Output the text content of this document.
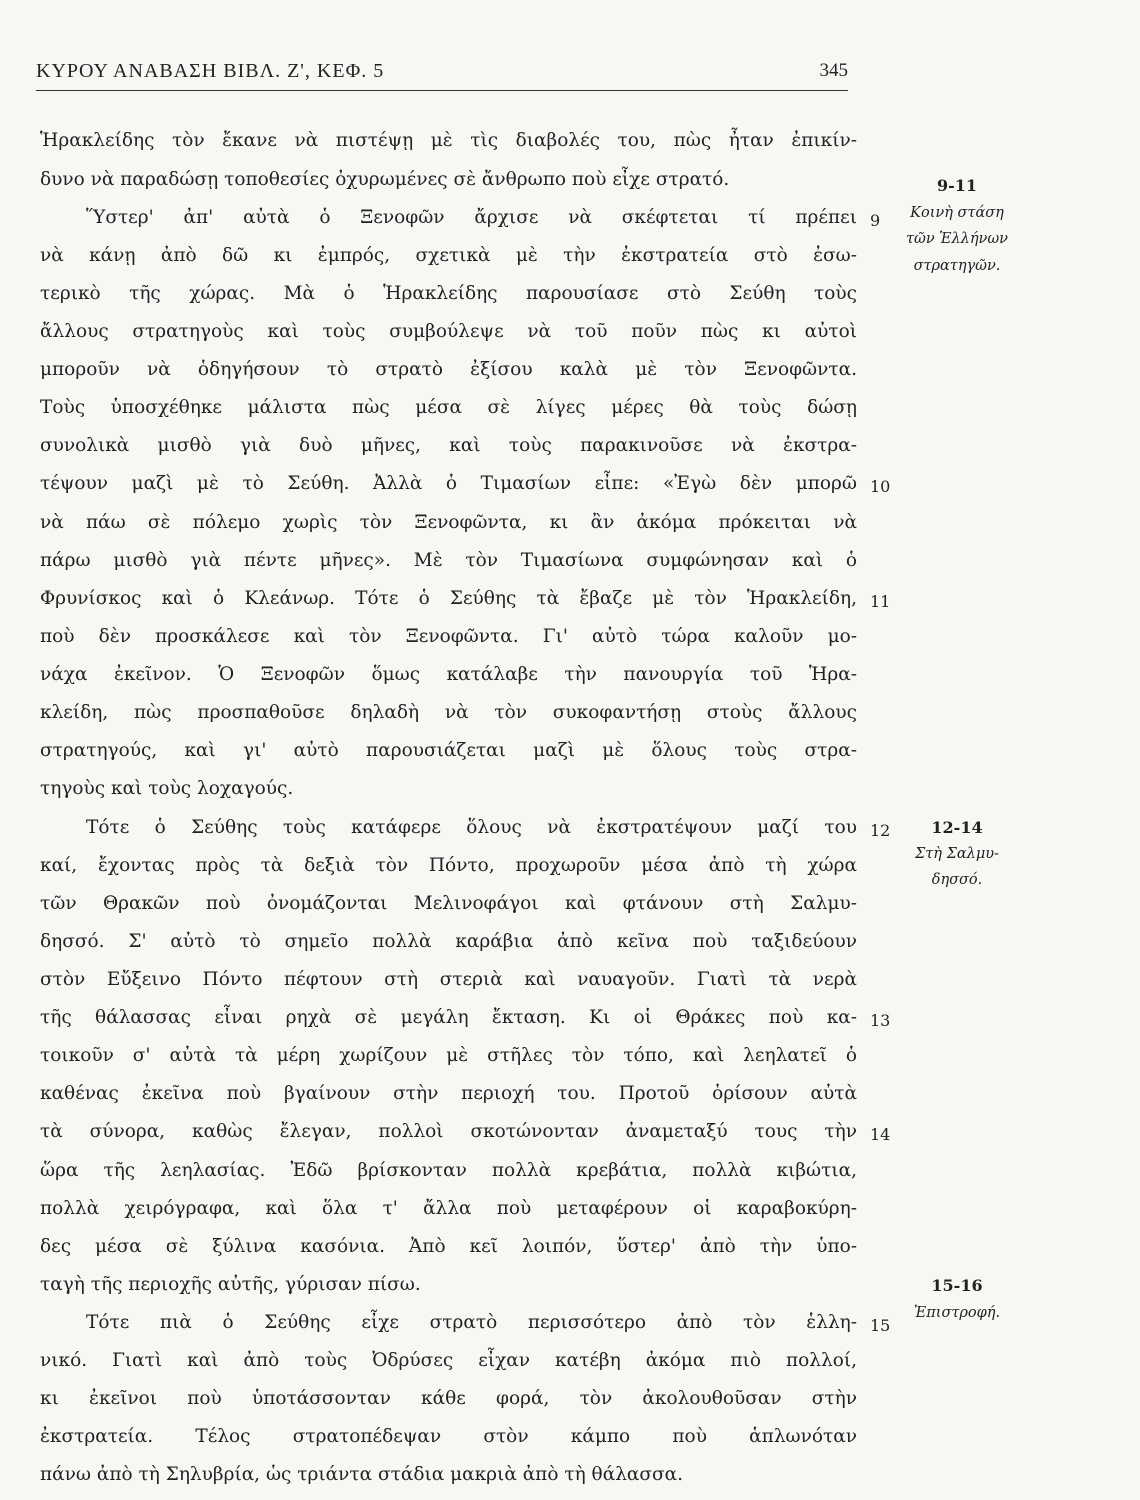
ΚΥΡΟΥ ΑΝΑΒΑΣΗ ΒΙΒΛ. Ζ', ΚΕΦ. 5	345
Ἡρακλείδης τὸν ἔκανε νὰ πιστέψῃ μὲ τὶς διαβολές του, πὼς ἦταν ἐπικίν-
δυνο νὰ παραδώσῃ τοποθεσίες ὀχυρωμένες σὲ ἄνθρωπο ποὺ εἶχε στρατό.
Ὕστερ' ἀπ' αὐτὰ ὁ Ξενοφῶν ἄρχισε νὰ σκέφτεται τί πρέπει
νὰ κάνῃ ἀπὸ δῶ κι ἐμπρός, σχετικὰ μὲ τὴν ἐκστρατεία στὸ ἐσω-
τερικὸ τῆς χώρας. Μὰ ὁ Ἡρακλείδης παρουσίασε στὸ Σεύθη τοὺς
ἄλλους στρατηγοὺς καὶ τοὺς συμβούλεψε νὰ τοῦ ποῦν πὼς κι αὐτοὶ
μποροῦν νὰ ὁδηγήσουν τὸ στρατὸ ἐξίσου καλὰ μὲ τὸν Ξενοφῶντα.
Τοὺς ὑποσχέθηκε μάλιστα πὼς μέσα σὲ λίγες μέρες θὰ τοὺς δώσῃ
συνολικὰ μισθὸ γιὰ δυὸ μῆνες, καὶ τοὺς παρακινοῦσε νὰ ἐκστρα-
τέψουν μαζὶ μὲ τὸ Σεύθη. Ἀλλὰ ὁ Τιμασίων εἶπε: «Ἐγὼ δὲν μπορῶ
νὰ πάω σὲ πόλεμο χωρὶς τὸν Ξενοφῶντα, κι ἂν ἀκόμα πρόκειται νὰ
πάρω μισθὸ γιὰ πέντε μῆνες». Μὲ τὸν Τιμασίωνα συμφώνησαν καὶ ὁ
Φρυνίσκος καὶ ὁ Κλεάνωρ. Τότε ὁ Σεύθης τὰ ἔβαζε μὲ τὸν Ἡρακλείδη,
ποὺ δὲν προσκάλεσε καὶ τὸν Ξενοφῶντα. Γι' αὐτὸ τώρα καλοῦν μο-
νάχα ἐκεῖνον. Ὁ Ξενοφῶν ὅμως κατάλαβε τὴν πανουργία τοῦ Ἡρα-
κλείδη, πὼς προσπαθοῦσε δηλαδὴ νὰ τὸν συκοφαντήσῃ στοὺς ἄλλους
στρατηγούς, καὶ γι' αὐτὸ παρουσιάζεται μαζὶ μὲ ὅλους τοὺς στρα-
τηγοὺς καὶ τοὺς λοχαγούς.
Τότε ὁ Σεύθης τοὺς κατάφερε ὅλους νὰ ἐκστρατέψουν μαζί του
καί, ἔχοντας πρὸς τὰ δεξιὰ τὸν Πόντο, προχωροῦν μέσα ἀπὸ τὴ χώρα
τῶν Θρακῶν ποὺ ὀνομάζονται Μελινοφάγοι καὶ φτάνουν στὴ Σαλμυ-
δησσό. Σ' αὐτὸ τὸ σημεῖο πολλὰ καράβια ἀπὸ κεῖνα ποὺ ταξιδεύουν
στὸν Εὔξεινο Πόντο πέφτουν στὴ στεριὰ καὶ ναυαγοῦν. Γιατὶ τὰ νερὰ
τῆς θάλασσας εἶναι ρηχὰ σὲ μεγάλη ἔκταση. Κι οἱ Θράκες ποὺ κα-
τοικοῦν σ' αὐτὰ τὰ μέρη χωρίζουν μὲ στῆλες τὸν τόπο, καὶ λεηλατεῖ ὁ
καθένας ἐκεῖνα ποὺ βγαίνουν στὴν περιοχή του. Προτοῦ ὁρίσουν αὐτὰ
τὰ σύνορα, καθὼς ἔλεγαν, πολλοὶ σκοτώνονταν ἀναμεταξύ τους τὴν
ὥρα τῆς λεηλασίας. Ἐδῶ βρίσκονταν πολλὰ κρεβάτια, πολλὰ κιβώτια,
πολλὰ χειρόγραφα, καὶ ὅλα τ' ἄλλα ποὺ μεταφέρουν οἱ καραβοκύρη-
δες μέσα σὲ ξύλινα κασόνια. Ἀπὸ κεῖ λοιπόν, ὕστερ' ἀπὸ τὴν ὑπο-
ταγὴ τῆς περιοχῆς αὐτῆς, γύρισαν πίσω.
Τότε πιὰ ὁ Σεύθης εἶχε στρατὸ περισσότερο ἀπὸ τὸν ἑλλη-
νικό. Γιατὶ καὶ ἀπὸ τοὺς Ὀδρύσες εἶχαν κατέβη ἀκόμα πιὸ πολλοί,
κι ἐκεῖνοι ποὺ ὑποτάσσονταν κάθε φορά, τὸν ἀκολουθοῦσαν στὴν
ἐκστρατεία. Τέλος στρατοπέδεψαν στὸν κάμπο ποὺ ἁπλωνόταν
πάνω ἀπὸ τὴ Σηλυβρία, ὡς τριάντα στάδια μακριὰ ἀπὸ τὴ θάλασσα.
9
10
11
12
13
14
15
9-11
Κοινὴ στάση
τῶν Ἑλλήνων
στρατηγῶν.
12-14
Στὴ Σαλμυ-
δησσό.
15-16
Ἐπιστροφή.
